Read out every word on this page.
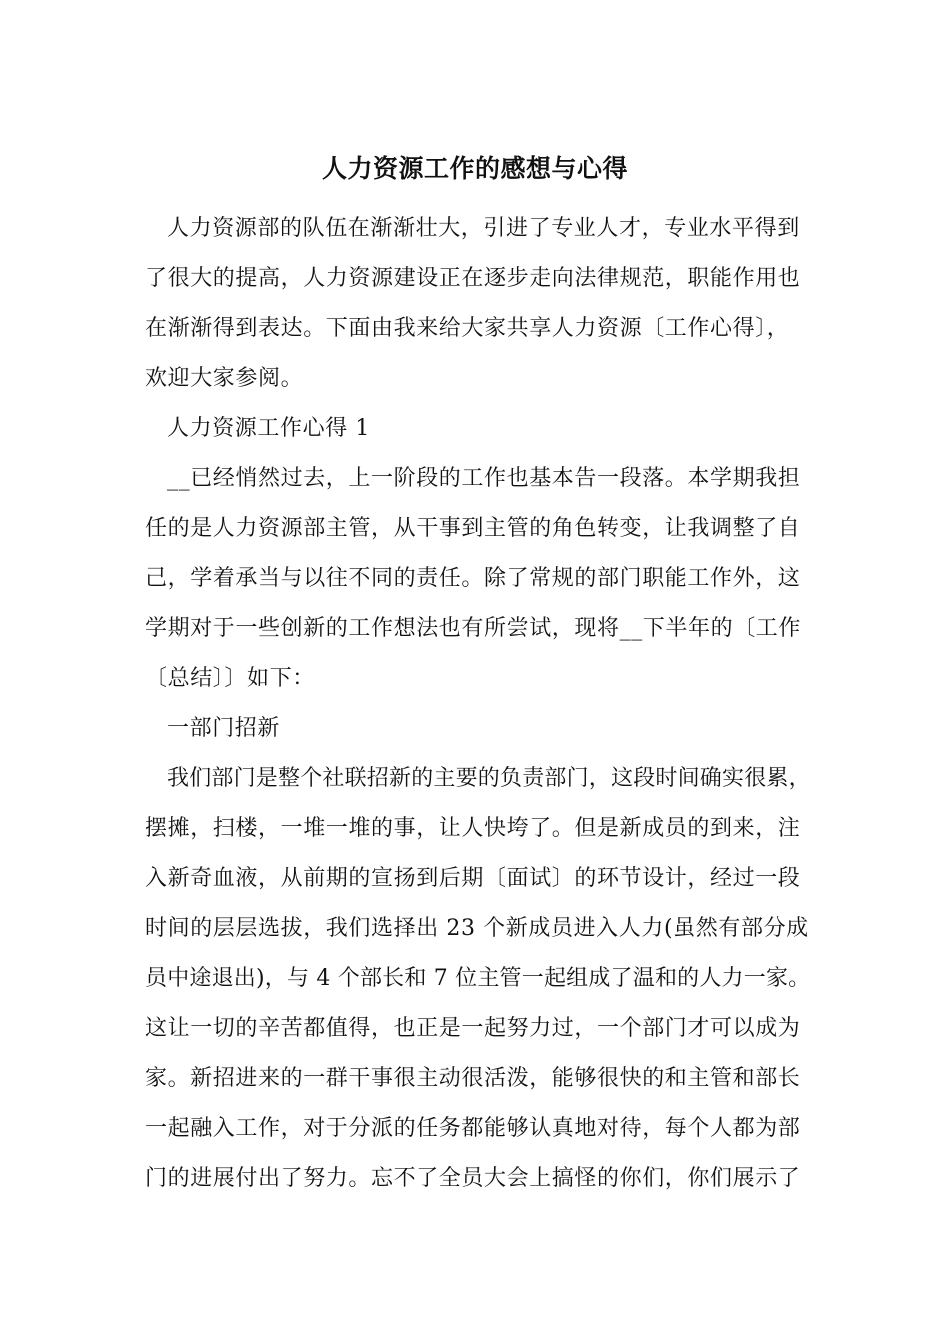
人力资源工作的感想与心得
人力资源部的队伍在渐渐壮大，引进了专业人才，专业水平得到
了很大的提高，人力资源建设正在逐步走向法律规范，职能作用也
在渐渐得到表达。下面由我来给大家共享人力资源〔工作心得〕，
欢迎大家参阅。
人力资源工作心得 1
__已经悄然过去，上一阶段的工作也基本告一段落。本学期我担
任的是人力资源部主管，从干事到主管的角色转变，让我调整了自
己，学着承当与以往不同的责任。除了常规的部门职能工作外，这
学期对于一些创新的工作想法也有所尝试，现将__下半年的〔工作
〔总结〕〕如下：
一部门招新
我们部门是整个社联招新的主要的负责部门，这段时间确实很累，
摆摊，扫楼，一堆一堆的事，让人快垮了。但是新成员的到来，注
入新奇血液，从前期的宣扬到后期〔面试〕的环节设计，经过一段
时间的层层选拔，我们选择出 23 个新成员进入人力(虽然有部分成
员中途退出)，与 4 个部长和 7 位主管一起组成了温和的人力一家。
这让一切的辛苦都值得，也正是一起努力过，一个部门才可以成为
家。新招进来的一群干事很主动很活泼，能够很快的和主管和部长
一起融入工作，对于分派的任务都能够认真地对待，每个人都为部
门的进展付出了努力。忘不了全员大会上搞怪的你们，你们展示了
